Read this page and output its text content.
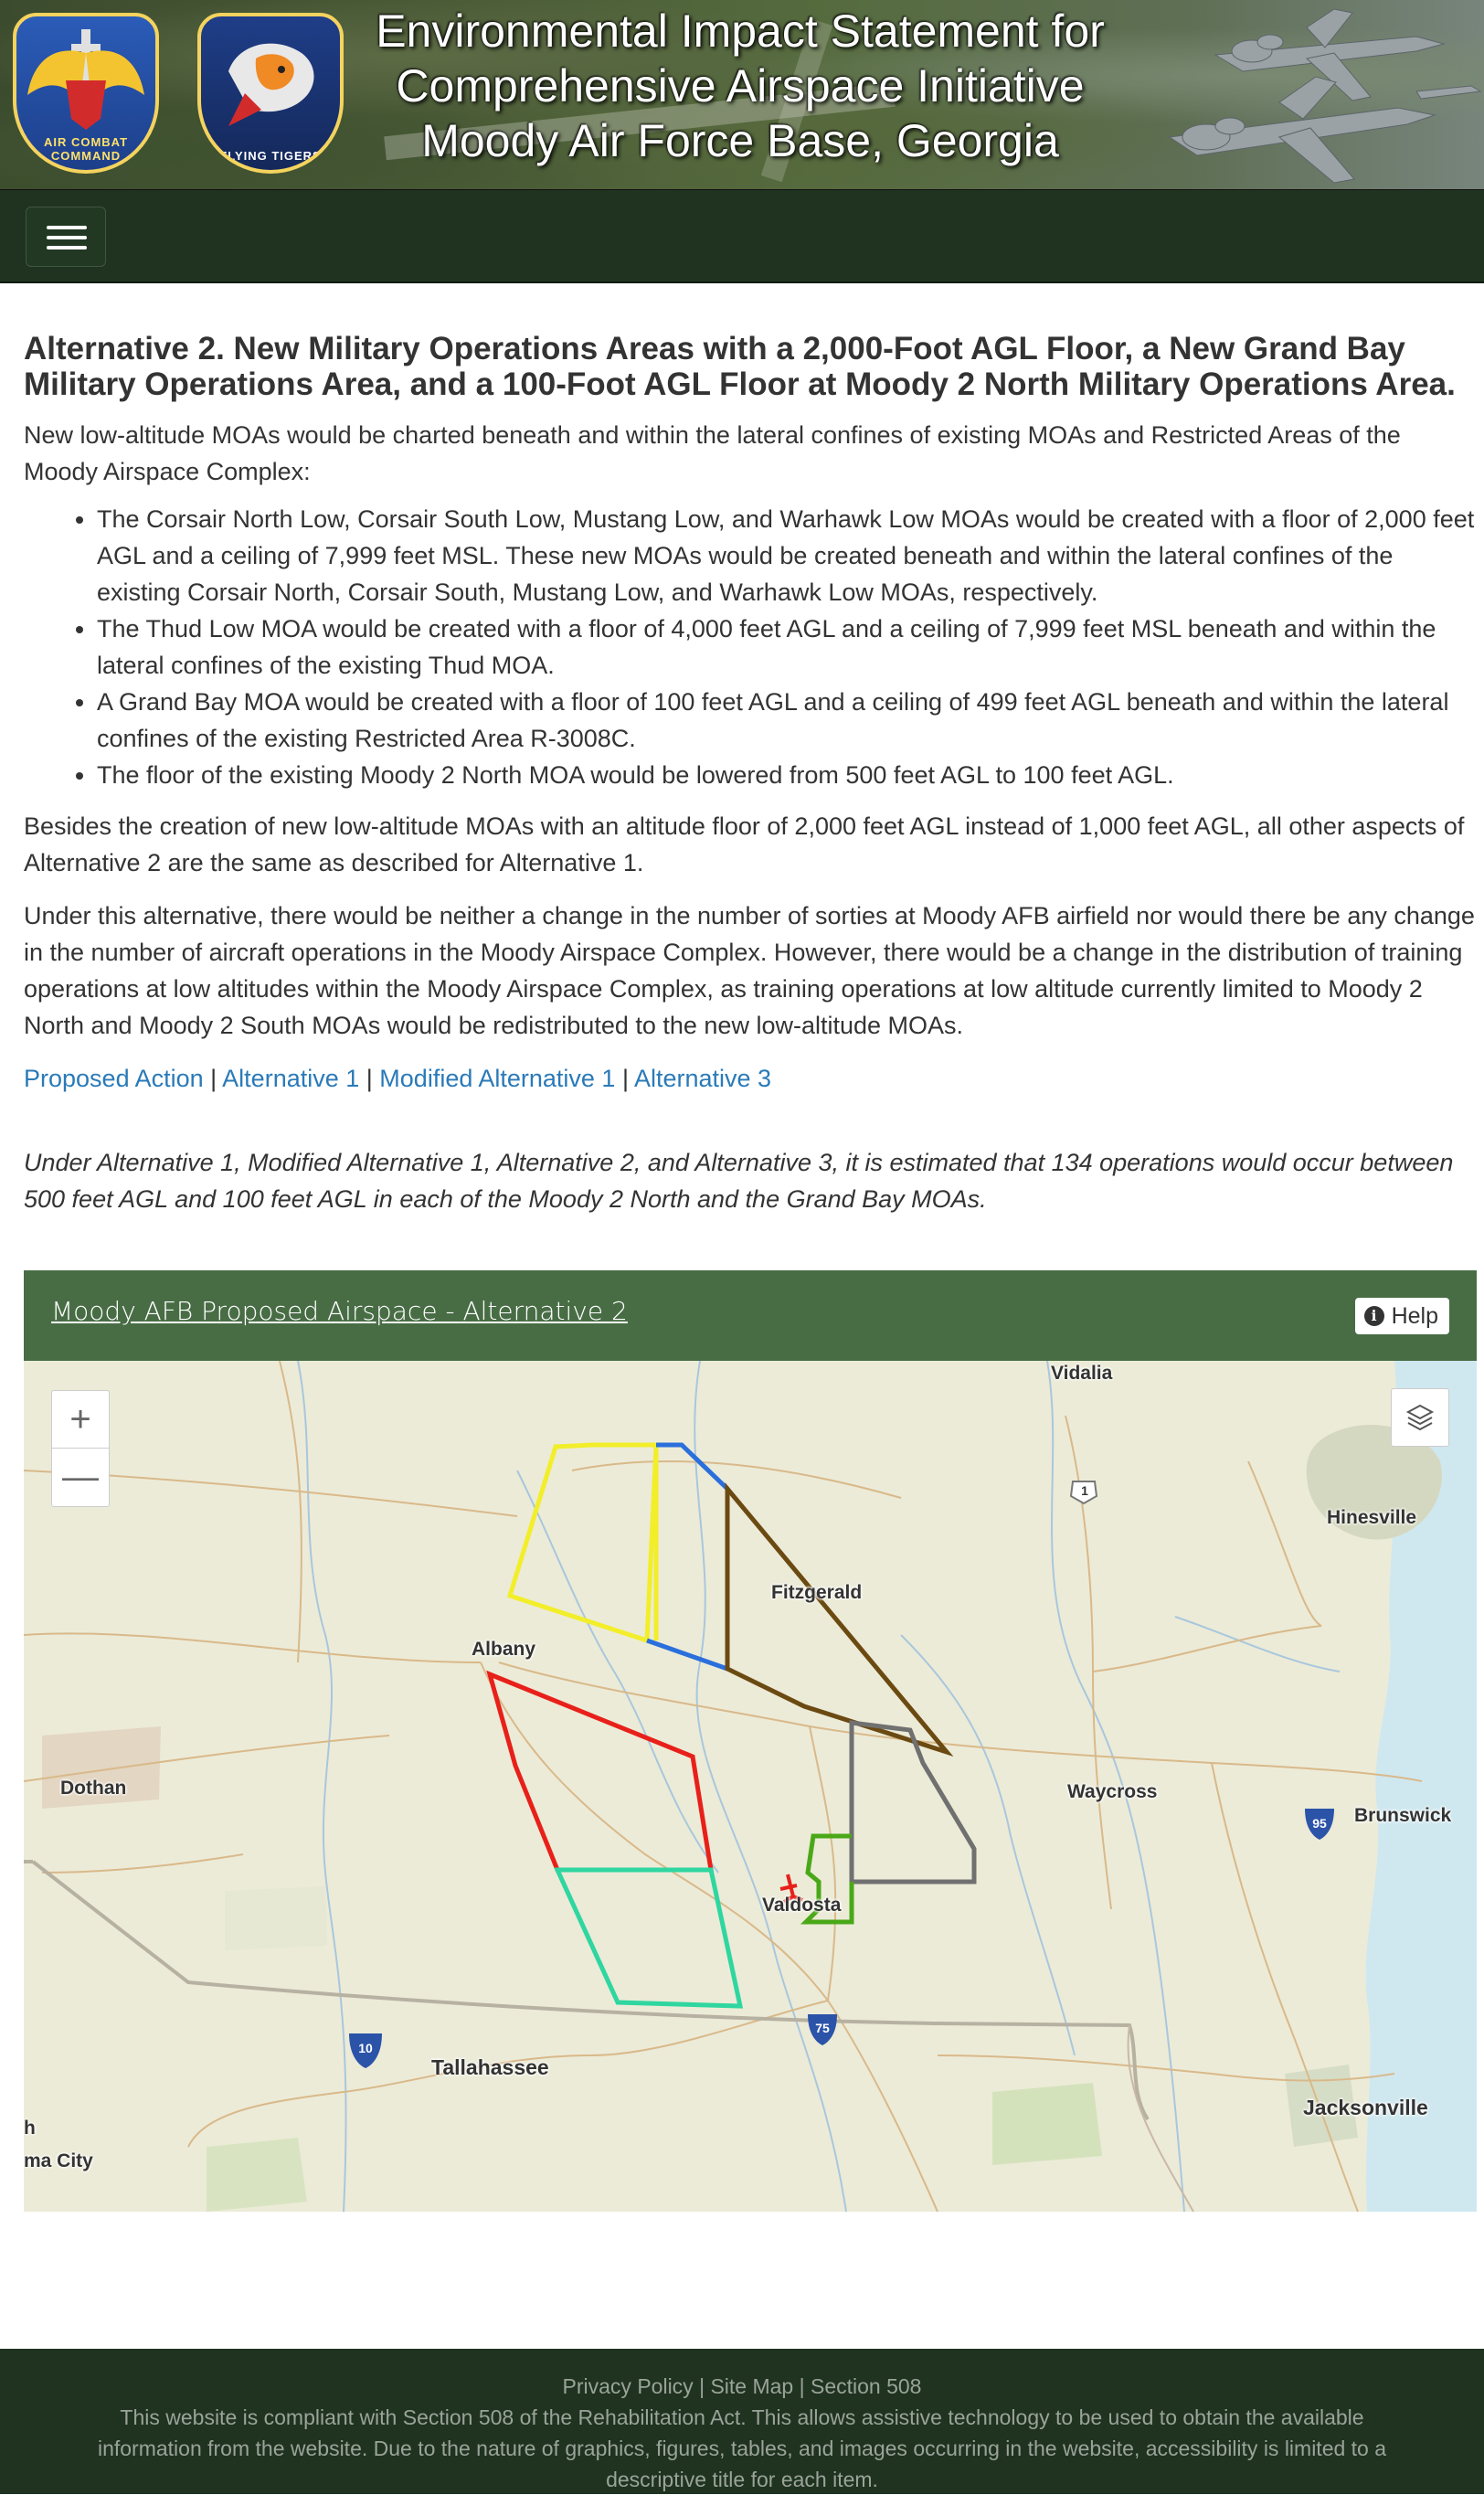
AIR COMBAT COMMAND	FLYING TIGERS
Environmental Impact Statement for
Comprehensive Airspace Initiative
Moody Air Force Base, Georgia
Alternative 2. New Military Operations Areas with a 2,000-Foot AGL Floor, a New Grand Bay Military Operations Area, and a 100-Foot AGL Floor at Moody 2 North Military Operations Area.

New low-altitude MOAs would be charted beneath and within the lateral confines of existing MOAs and Restricted Areas of the Moody Airspace Complex:

• The Corsair North Low, Corsair South Low, Mustang Low, and Warhawk Low MOAs would be created with a floor of 2,000 feet AGL and a ceiling of 7,999 feet MSL. These new MOAs would be created beneath and within the lateral confines of the existing Corsair North, Corsair South, Mustang Low, and Warhawk Low MOAs, respectively.
• The Thud Low MOA would be created with a floor of 4,000 feet AGL and a ceiling of 7,999 feet MSL beneath and within the lateral confines of the existing Thud MOA.
• A Grand Bay MOA would be created with a floor of 100 feet AGL and a ceiling of 499 feet AGL beneath and within the lateral confines of the existing Restricted Area R-3008C.
• The floor of the existing Moody 2 North MOA would be lowered from 500 feet AGL to 100 feet AGL.

Besides the creation of new low-altitude MOAs with an altitude floor of 2,000 feet AGL instead of 1,000 feet AGL, all other aspects of Alternative 2 are the same as described for Alternative 1.

Under this alternative, there would be neither a change in the number of sorties at Moody AFB airfield nor would there be any change in the number of aircraft operations in the Moody Airspace Complex. However, there would be a change in the distribution of training operations at low altitudes within the Moody Airspace Complex, as training operations at low altitude currently limited to Moody 2 North and Moody 2 South MOAs would be redistributed to the new low-altitude MOAs.

Proposed Action | Alternative 1 | Modified Alternative 1 | Alternative 3

Under Alternative 1, Modified Alternative 1, Alternative 2, and Alternative 3, it is estimated that 134 operations would occur between 500 feet AGL and 100 feet AGL in each of the Moody 2 North and the Grand Bay MOAs.

Moody AFB Proposed Airspace - Alternative 2	i Help
1
95
75
10
Vidalia
Hinesville
Fitzgerald
Albany
Dothan	Waycross
Brunswick
Valdosta
Tallahassee
Jacksonville
ma City
h
+
—
Privacy Policy | Site Map | Section 508
This website is compliant with Section 508 of the Rehabilitation Act. This allows assistive technology to be used to obtain the available information from the website. Due to the nature of graphics, figures, tables, and images occurring in the website, accessibility is limited to a descriptive title for each item.
